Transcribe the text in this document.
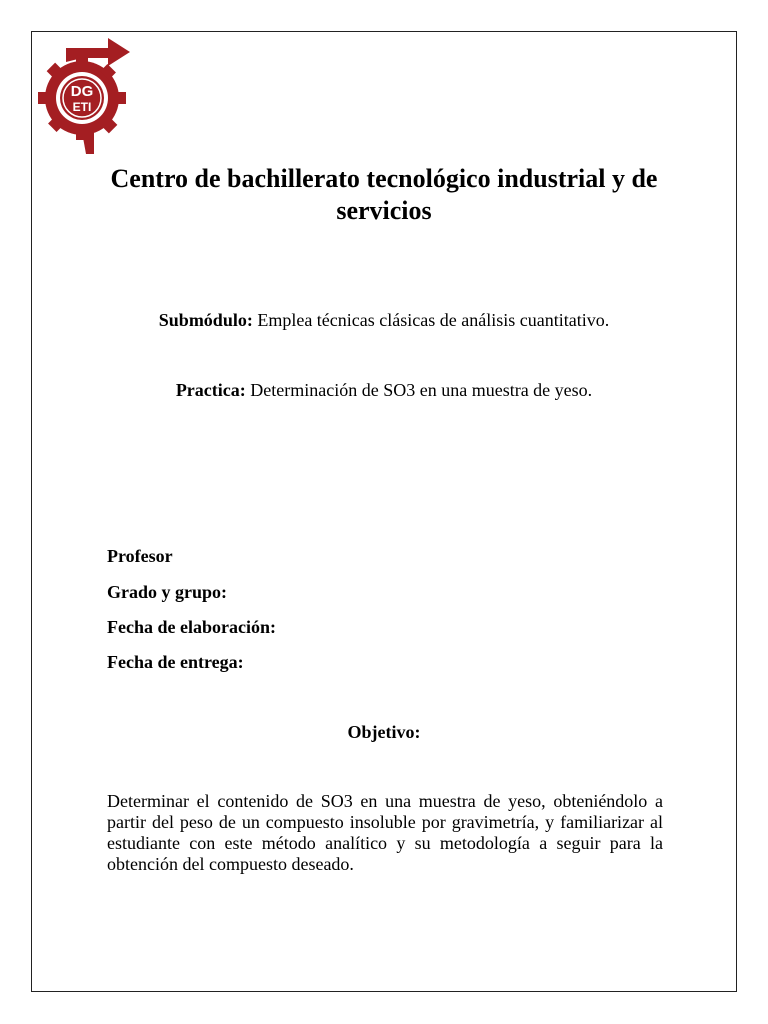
DG
ETI
Centro de bachillerato tecnológico industrial y de servicios
Submódulo: Emplea técnicas clásicas de análisis cuantitativo.
Practica: Determinación de SO3 en una muestra de yeso.
Profesor
Grado y grupo:
Fecha de elaboración:
Fecha de entrega:
Objetivo:
Determinar el contenido de SO3 en una muestra de yeso, obteniéndolo a partir del peso de un compuesto insoluble por gravimetría, y familiarizar al estudiante con este método analítico y su metodología a seguir para la obtención del compuesto deseado.
